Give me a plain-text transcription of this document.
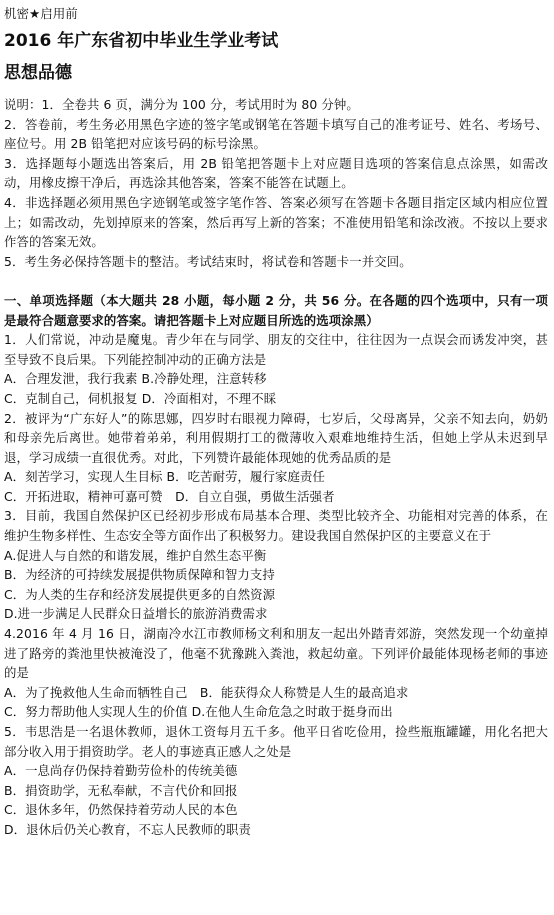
机密★启用前

2016 年广东省初中毕业生学业考试

思想品德

说明：1．全卷共 6 页，满分为 100 分，考试用时为 80 分钟。

2．答卷前，考生务必用黑色字迹的签字笔或钢笔在答题卡填写自己的准考证号、姓名、考场号、座位号。用 2B 铅笔把对应该号码的标号涂黑。

3．选择题每小题选出答案后，用 2B 铅笔把答题卡上对应题目选项的答案信息点涂黑，如需改动，用橡皮擦干净后，再选涂其他答案，答案不能答在试题上。

4．非选择题必须用黑色字迹钢笔或签字笔作答、答案必须写在答题卡各题目指定区域内相应位置上；如需改动，先划掉原来的答案，然后再写上新的答案；不准使用铅笔和涂改液。不按以上要求作答的答案无效。

5．考生务必保持答题卡的整洁。考试结束时，将试卷和答题卡一并交回。

一、单项选择题（本大题共 28 小题，每小题 2 分，共 56 分。在各题的四个选项中，只有一项是最符合题意要求的答案。请把答题卡上对应题目所选的选项涂黑）

1．人们常说，冲动是魔鬼。青少年在与同学、朋友的交往中，往往因为一点误会而诱发冲突，甚至导致不良后果。下列能控制冲动的正确方法是

A．合理发泄，我行我素 B.冷静处理，注意转移

C．克制自己，伺机报复 D．冷面相对，不理不睬

2．被评为“广东好人”的陈思娜，四岁时右眼视力障碍，七岁后，父母离异，父亲不知去向，奶奶和母亲先后离世。她带着弟弟，利用假期打工的微薄收入艰难地维持生活，但她上学从未迟到早退，学习成绩一直很优秀。对此，下列赞许最能体现她的优秀品质的是

A．刻苦学习，实现人生目标 B．吃苦耐劳，履行家庭责任

C．开拓进取，精神可嘉可赞　D．自立自强，勇做生活强者

3．目前，我国自然保护区已经初步形成布局基本合理、类型比较齐全、功能相对完善的体系，在维护生物多样性、生态安全等方面作出了积极努力。建设我国自然保护区的主要意义在于

A.促进人与自然的和谐发展，维护自然生态平衡

B．为经济的可持续发展提供物质保障和智力支持

C．为人类的生存和经济发展提供更多的自然资源

D.进一步满足人民群众日益增长的旅游消费需求

4.2016 年 4 月 16 日，湖南冷水江市教师杨文利和朋友一起出外踏青郊游，突然发现一个幼童掉进了路旁的粪池里快被淹没了，他毫不犹豫跳入粪池，救起幼童。下列评价最能体现杨老师的事迹的是

A．为了挽救他人生命而牺牲自己　B．能获得众人称赞是人生的最高追求

C．努力帮助他人实现人生的价值 D.在他人生命危急之时敢于挺身而出

5．韦思浩是一名退休教师，退休工资每月五千多。他平日省吃俭用，捡些瓶瓶罐罐，用化名把大部分收入用于捐资助学。老人的事迹真正感人之处是

A．一息尚存仍保持着勤劳俭朴的传统美德

B．捐资助学，无私奉献，不言代价和回报

C．退休多年，仍然保持着劳动人民的本色

D．退休后仍关心教育，不忘人民教师的职责
